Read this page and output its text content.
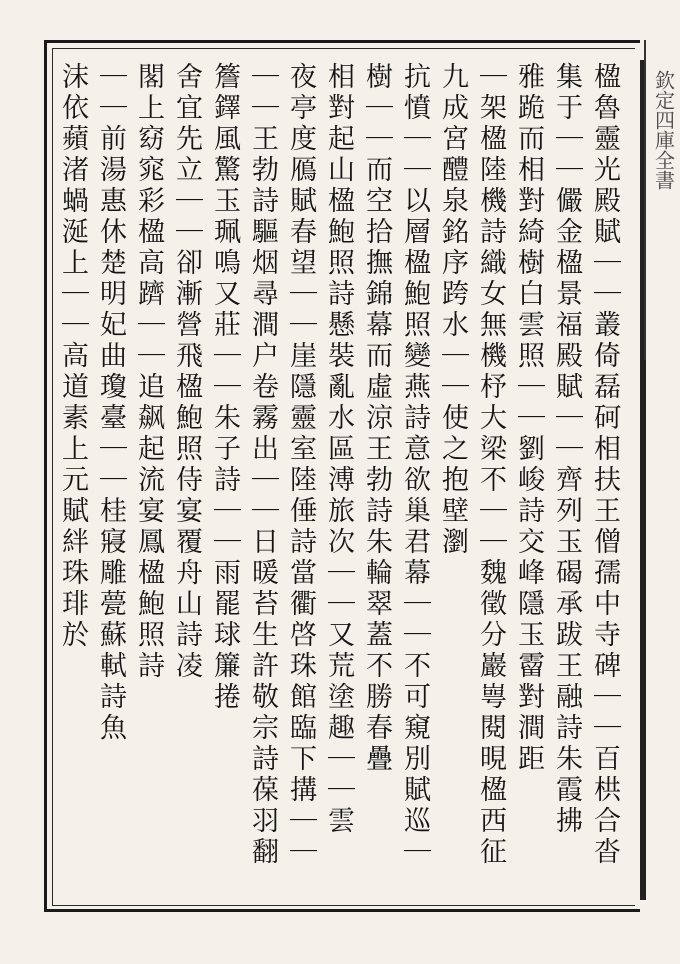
欽定四庫全書
楹魯靈光殿賦｜｜叢倚磊砢相扶王僧孺中寺碑｜｜百栱合沓
集于｜｜儼金楹景福殿賦｜｜齊列玉碣承跋王融詩朱霞拂
雅跪而相對綺樹白雲照｜｜劉峻詩交峰隱玉霤對澗距
｜架楹陸機詩織女無機杼大梁不｜｜魏徵分巖㟧閱晛楹西征
九成宮醴泉銘序跨水｜｜使之抱壁瀏
抗憤｜｜以層楹鮑照變燕詩意欲巢君幕｜｜不可窺別賦巡｜
樹｜｜而空拾撫錦幕而虛涼王勃詩朱輪翠蓋不勝春疊
相對起山楹鮑照詩懸裝亂水區溥旅次｜｜又荒塗趣｜｜雲
夜亭度鴈賦春望｜｜崖隱靈室陸倕詩當衢啓珠館臨下搆｜｜
｜｜王勃詩驅烟尋澗户卷霧出｜｜日暖苔生許敬宗詩葆羽翻
簷鐸風驚玉珮鳴又莊｜｜朱子詩｜｜雨罷球簾捲
舍宜先立｜｜卻漸營飛楹鮑照侍宴覆舟山詩凌
閣上窈窕彩楹高躋｜｜追飙起流宴鳳楹鮑照詩
｜｜前湯惠休楚明妃曲瓊臺｜｜桂寢雕甍蘇軾詩魚
沫依蘋渚蝸涎上｜｜高道素上元賦絆珠琲於
